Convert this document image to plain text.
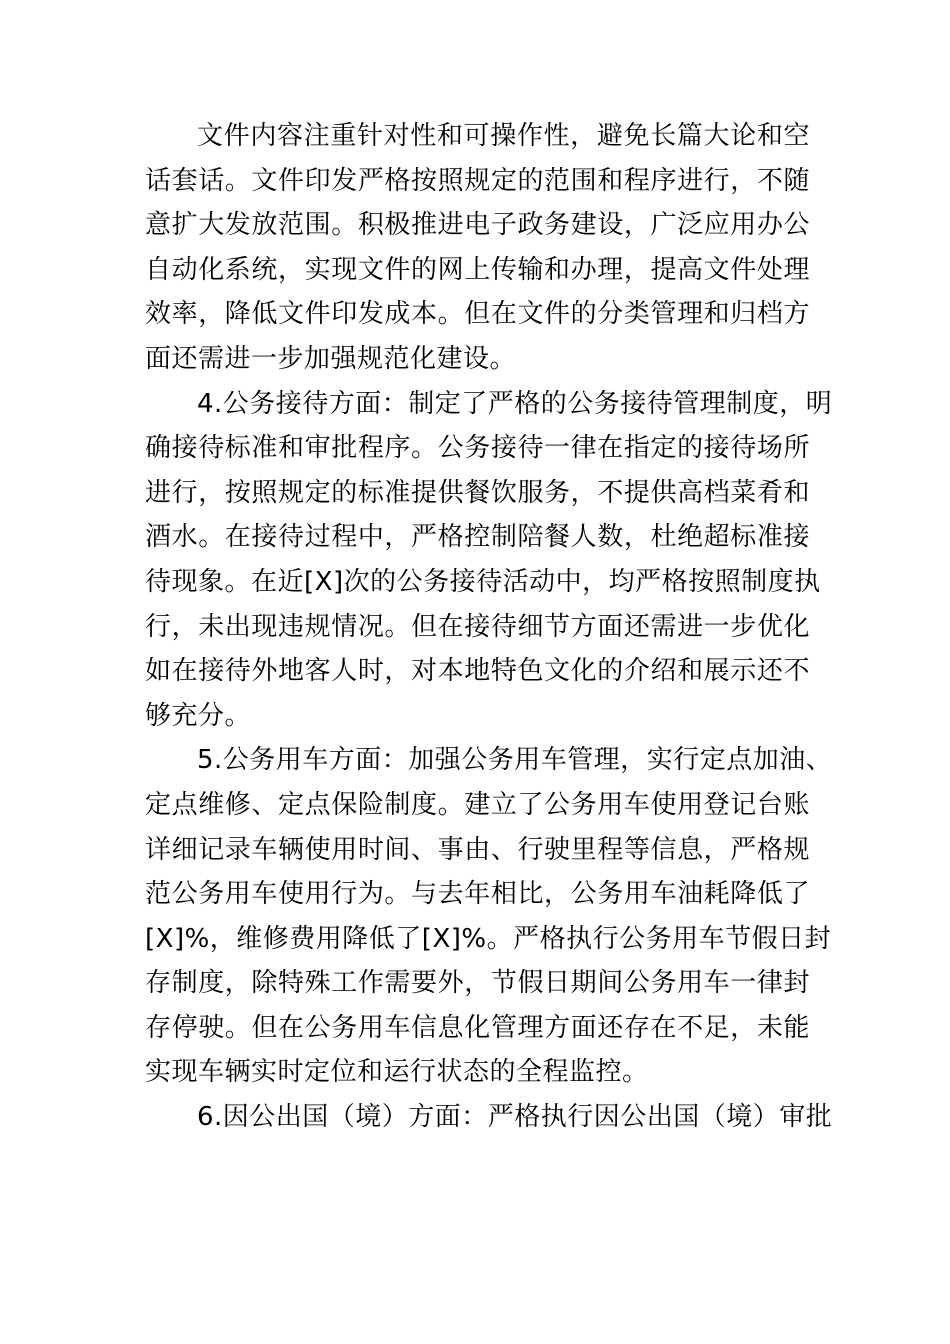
文件内容注重针对性和可操作性，避免长篇大论和空
话套话。文件印发严格按照规定的范围和程序进行，不随
意扩大发放范围。积极推进电子政务建设，广泛应用办公
自动化系统，实现文件的网上传输和办理，提高文件处理
效率，降低文件印发成本。但在文件的分类管理和归档方
面还需进一步加强规范化建设。
4.公务接待方面：制定了严格的公务接待管理制度，明
确接待标准和审批程序。公务接待一律在指定的接待场所
进行，按照规定的标准提供餐饮服务，不提供高档菜肴和
酒水。在接待过程中，严格控制陪餐人数，杜绝超标准接
待现象。在近[X]次的公务接待活动中，均严格按照制度执
行，未出现违规情况。但在接待细节方面还需进一步优化
如在接待外地客人时，对本地特色文化的介绍和展示还不
够充分。
5.公务用车方面：加强公务用车管理，实行定点加油、
定点维修、定点保险制度。建立了公务用车使用登记台账
详细记录车辆使用时间、事由、行驶里程等信息，严格规
范公务用车使用行为。与去年相比，公务用车油耗降低了
[X]%，维修费用降低了[X]%。严格执行公务用车节假日封
存制度，除特殊工作需要外，节假日期间公务用车一律封
存停驶。但在公务用车信息化管理方面还存在不足，未能
实现车辆实时定位和运行状态的全程监控。
6.因公出国（境）方面：严格执行因公出国（境）审批
